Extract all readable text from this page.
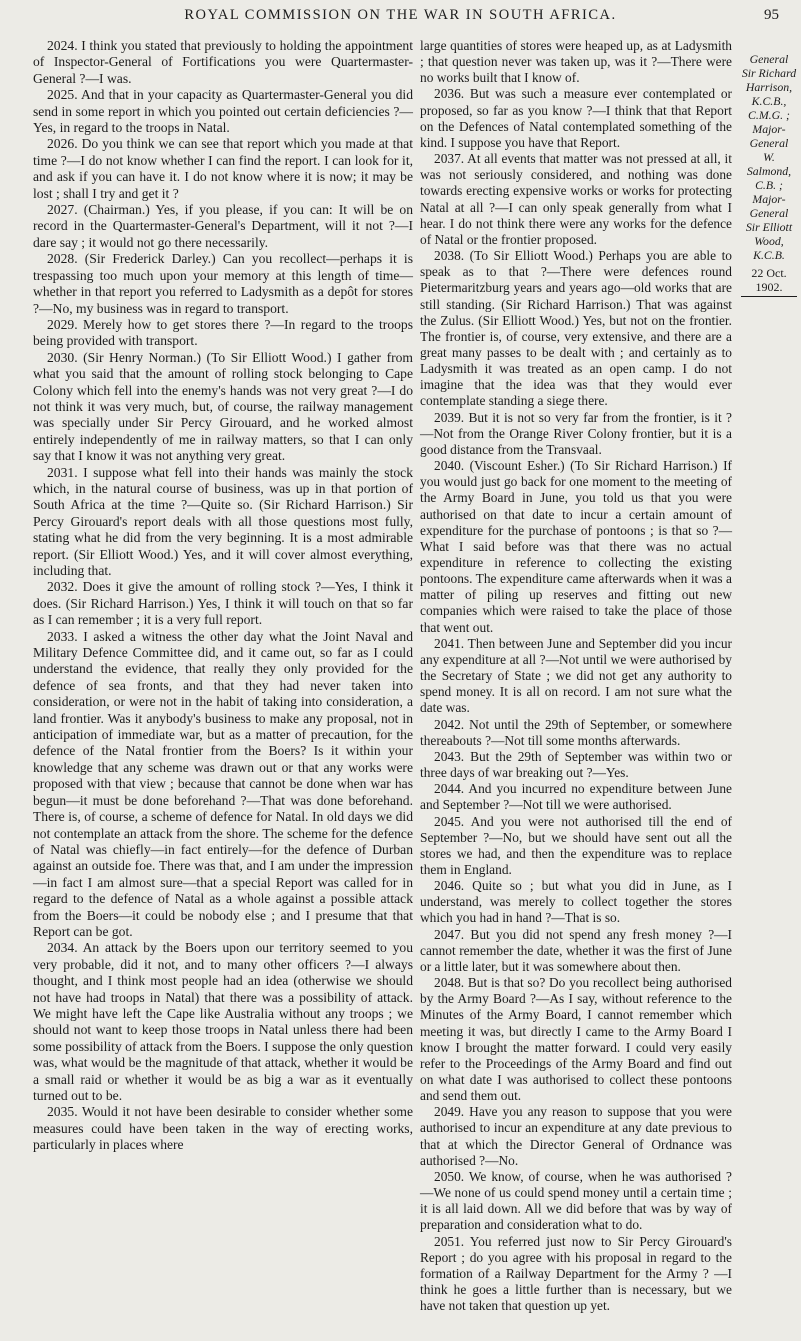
ROYAL COMMISSION ON THE WAR IN SOUTH AFRICA.	95

2024. I think you stated that previously to holding the appointment of Inspector-General of Fortifications you were Quartermaster-General ?—I was.

2025. And that in your capacity as Quartermaster-General you did send in some report in which you pointed out certain deficiencies ?—Yes, in regard to the troops in Natal.

2026. Do you think we can see that report which you made at that time ?—I do not know whether I can find the report. I can look for it, and ask if you can have it. I do not know where it is now; it may be lost ; shall I try and get it ?

2027. (Chairman.) Yes, if you please, if you can: It will be on record in the Quartermaster-General's Department, will it not ?—I dare say ; it would not go there necessarily.

2028. (Sir Frederick Darley.) Can you recollect—perhaps it is trespassing too much upon your memory at this length of time—whether in that report you referred to Ladysmith as a depôt for stores ?—No, my business was in regard to transport.

2029. Merely how to get stores there ?—In regard to the troops being provided with transport.

2030. (Sir Henry Norman.) (To Sir Elliott Wood.) I gather from what you said that the amount of rolling stock belonging to Cape Colony which fell into the enemy's hands was not very great ?—I do not think it was very much, but, of course, the railway management was specially under Sir Percy Girouard, and he worked almost entirely independently of me in railway matters, so that I can only say that I know it was not anything very great.

2031. I suppose what fell into their hands was mainly the stock which, in the natural course of business, was up in that portion of South Africa at the time ?—Quite so. (Sir Richard Harrison.) Sir Percy Girouard's report deals with all those questions most fully, stating what he did from the very beginning. It is a most admirable report. (Sir Elliott Wood.) Yes, and it will cover almost everything, including that.

2032. Does it give the amount of rolling stock ?—Yes, I think it does. (Sir Richard Harrison.) Yes, I think it will touch on that so far as I can remember ; it is a very full report.

2033. I asked a witness the other day what the Joint Naval and Military Defence Committee did, and it came out, so far as I could understand the evidence, that really they only provided for the defence of sea fronts, and that they had never taken into consideration, or were not in the habit of taking into consideration, a land frontier. Was it anybody's business to make any proposal, not in anticipation of immediate war, but as a matter of precaution, for the defence of the Natal frontier from the Boers? Is it within your knowledge that any scheme was drawn out or that any works were proposed with that view ; because that cannot be done when war has begun—it must be done beforehand ?—That was done beforehand. There is, of course, a scheme of defence for Natal. In old days we did not contemplate an attack from the shore. The scheme for the defence of Natal was chiefly—in fact entirely—for the defence of Durban against an outside foe. There was that, and I am under the impression—in fact I am almost sure—that a special Report was called for in regard to the defence of Natal as a whole against a possible attack from the Boers—it could be nobody else ; and I presume that that Report can be got.

2034. An attack by the Boers upon our territory seemed to you very probable, did it not, and to many other officers ?—I always thought, and I think most people had an idea (otherwise we should not have had troops in Natal) that there was a possibility of attack. We might have left the Cape like Australia without any troops ; we should not want to keep those troops in Natal unless there had been some possibility of attack from the Boers. I suppose the only question was, what would be the magnitude of that attack, whether it would be a small raid or whether it would be as big a war as it eventually turned out to be.

2035. Would it not have been desirable to consider whether some measures could have been taken in the way of erecting works, particularly in places where

large quantities of stores were heaped up, as at Ladysmith ; that question never was taken up, was it ?—There were no works built that I know of.

2036. But was such a measure ever contemplated or proposed, so far as you know ?—I think that that Report on the Defences of Natal contemplated something of the kind. I suppose you have that Report.

2037. At all events that matter was not pressed at all, it was not seriously considered, and nothing was done towards erecting expensive works or works for protecting Natal at all ?—I can only speak generally from what I hear. I do not think there were any works for the defence of Natal or the frontier proposed.

2038. (To Sir Elliott Wood.) Perhaps you are able to speak as to that ?—There were defences round Pietermaritzburg years and years ago—old works that are still standing. (Sir Richard Harrison.) That was against the Zulus. (Sir Elliott Wood.) Yes, but not on the frontier. The frontier is, of course, very extensive, and there are a great many passes to be dealt with ; and certainly as to Ladysmith it was treated as an open camp. I do not imagine that the idea was that they would ever contemplate standing a siege there.

2039. But it is not so very far from the frontier, is it ? —Not from the Orange River Colony frontier, but it is a good distance from the Transvaal.

2040. (Viscount Esher.) (To Sir Richard Harrison.) If you would just go back for one moment to the meeting of the Army Board in June, you told us that you were authorised on that date to incur a certain amount of expenditure for the purchase of pontoons ; is that so ?—What I said before was that there was no actual expenditure in reference to collecting the existing pontoons. The expenditure came afterwards when it was a matter of piling up reserves and fitting out new companies which were raised to take the place of those that went out.

2041. Then between June and September did you incur any expenditure at all ?—Not until we were authorised by the Secretary of State ; we did not get any authority to spend money. It is all on record. I am not sure what the date was.

2042. Not until the 29th of September, or somewhere thereabouts ?—Not till some months afterwards.

2043. But the 29th of September was within two or three days of war breaking out ?—Yes.

2044. And you incurred no expenditure between June and September ?—Not till we were authorised.

2045. And you were not authorised till the end of September ?—No, but we should have sent out all the stores we had, and then the expenditure was to replace them in England.

2046. Quite so ; but what you did in June, as I understand, was merely to collect together the stores which you had in hand ?—That is so.

2047. But you did not spend any fresh money ?—I cannot remember the date, whether it was the first of June or a little later, but it was somewhere about then.

2048. But is that so? Do you recollect being authorised by the Army Board ?—As I say, without reference to the Minutes of the Army Board, I cannot remember which meeting it was, but directly I came to the Army Board I know I brought the matter forward. I could very easily refer to the Proceedings of the Army Board and find out on what date I was authorised to collect these pontoons and send them out.

2049. Have you any reason to suppose that you were authorised to incur an expenditure at any date previous to that at which the Director General of Ordnance was authorised ?—No.

2050. We know, of course, when he was authorised ? —We none of us could spend money until a certain time ; it is all laid down. All we did before that was by way of preparation and consideration what to do.

2051. You referred just now to Sir Percy Girouard's Report ; do you agree with his proposal in regard to the formation of a Railway Department for the Army ? —I think he goes a little further than is necessary, but we have not taken that question up yet.

General
Sir Richard
Harrison,
K.C.B.,
C.M.G. ;
Major-
General
W. Salmond,
C.B. ;
Major-
General
Sir Elliott
Wood, K.C.B.

22 Oct. 1902.
